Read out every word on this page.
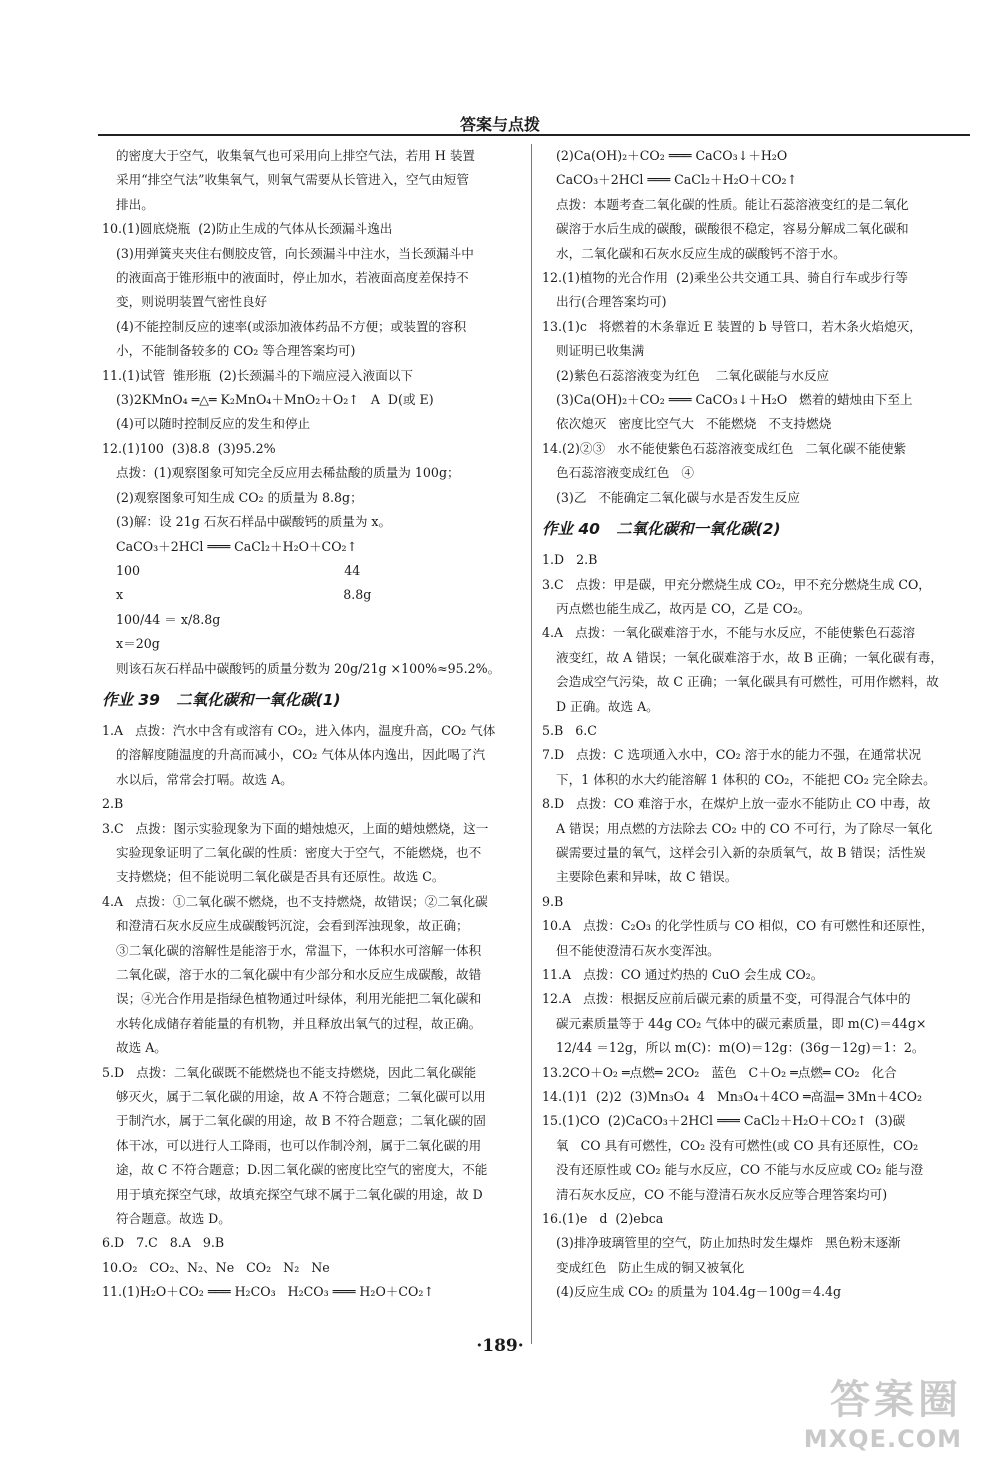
答案与点拨

的密度大于空气，收集氧气也可采用向上排空气法，若用 H 装置

采用“排空气法”收集氧气，则氧气需要从长管进入，空气由短管

排出。

10.(1)圆底烧瓶  (2)防止生成的气体从长颈漏斗逸出

(3)用弹簧夹夹住右侧胶皮管，向长颈漏斗中注水，当长颈漏斗中

的液面高于锥形瓶中的液面时，停止加水，若液面高度差保持不

变，则说明装置气密性良好

(4)不能控制反应的速率(或添加液体药品不方便；或装置的容积

小，不能制备较多的 CO₂ 等合理答案均可)

11.(1)试管  锥形瓶  (2)长颈漏斗的下端应浸入液面以下

(3)2KMnO₄ ═△═ K₂MnO₄＋MnO₂＋O₂↑   A  D(或 E)

(4)可以随时控制反应的发生和停止

12.(1)100  (3)8.8  (3)95.2%

点拨：(1)观察图象可知完全反应用去稀盐酸的质量为 100g；

(2)观察图象可知生成 CO₂ 的质量为 8.8g；

(3)解：设 21g 石灰石样品中碳酸钙的质量为 x。

CaCO₃＋2HCl ═══ CaCl₂＋H₂O＋CO₂↑

100                                                   44

x                                                       8.8g

100/44 ＝ x/8.8g

x＝20g

则该石灰石样品中碳酸钙的质量分数为 20g/21g ×100%≈95.2%。

作业 39   二氧化碳和一氧化碳(1)

1.A   点拨：汽水中含有或溶有 CO₂，进入体内，温度升高，CO₂ 气体

的溶解度随温度的升高而减小，CO₂ 气体从体内逸出，因此喝了汽

水以后，常常会打嗝。故选 A。

2.B

3.C   点拨：图示实验现象为下面的蜡烛熄灭，上面的蜡烛燃烧，这一

实验现象证明了二氧化碳的性质：密度大于空气，不能燃烧，也不

支持燃烧；但不能说明二氧化碳是否具有还原性。故选 C。

4.A   点拨：①二氧化碳不燃烧，也不支持燃烧，故错误；②二氧化碳

和澄清石灰水反应生成碳酸钙沉淀，会看到浑浊现象，故正确；

③二氧化碳的溶解性是能溶于水，常温下，一体积水可溶解一体积

二氧化碳，溶于水的二氧化碳中有少部分和水反应生成碳酸，故错

误；④光合作用是指绿色植物通过叶绿体，利用光能把二氧化碳和

水转化成储存着能量的有机物，并且释放出氧气的过程，故正确。

故选 A。

5.D   点拨：二氧化碳既不能燃烧也不能支持燃烧，因此二氧化碳能

够灭火，属于二氧化碳的用途，故 A 不符合题意；二氧化碳可以用

于制汽水，属于二氧化碳的用途，故 B 不符合题意；二氧化碳的固

体干冰，可以进行人工降雨，也可以作制冷剂，属于二氧化碳的用

途，故 C 不符合题意；D.因二氧化碳的密度比空气的密度大，不能

用于填充探空气球，故填充探空气球不属于二氧化碳的用途，故 D

符合题意。故选 D。

6.D   7.C   8.A   9.B

10.O₂   CO₂、N₂、Ne   CO₂   N₂   Ne

11.(1)H₂O＋CO₂ ═══ H₂CO₃   H₂CO₃ ═══ H₂O＋CO₂↑

(2)Ca(OH)₂＋CO₂ ═══ CaCO₃↓＋H₂O

CaCO₃＋2HCl ═══ CaCl₂＋H₂O＋CO₂↑

点拨：本题考查二氧化碳的性质。能让石蕊溶液变红的是二氧化

碳溶于水后生成的碳酸，碳酸很不稳定，容易分解成二氧化碳和

水，二氧化碳和石灰水反应生成的碳酸钙不溶于水。

12.(1)植物的光合作用  (2)乘坐公共交通工具、骑自行车或步行等

出行(合理答案均可)

13.(1)c   将燃着的木条靠近 E 装置的 b 导管口，若木条火焰熄灭，

则证明已收集满

(2)紫色石蕊溶液变为红色    二氧化碳能与水反应

(3)Ca(OH)₂＋CO₂ ═══ CaCO₃↓＋H₂O   燃着的蜡烛由下至上

依次熄灭   密度比空气大   不能燃烧   不支持燃烧

14.(2)②③   水不能使紫色石蕊溶液变成红色   二氧化碳不能使紫

色石蕊溶液变成红色   ④

(3)乙   不能确定二氧化碳与水是否发生反应

作业 40   二氧化碳和一氧化碳(2)

1.D   2.B

3.C   点拨：甲是碳，甲充分燃烧生成 CO₂，甲不充分燃烧生成 CO，

丙点燃也能生成乙，故丙是 CO，乙是 CO₂。

4.A   点拨：一氧化碳难溶于水，不能与水反应，不能使紫色石蕊溶

液变红，故 A 错误；一氧化碳难溶于水，故 B 正确；一氧化碳有毒，

会造成空气污染，故 C 正确；一氧化碳具有可燃性，可用作燃料，故

D 正确。故选 A。

5.B   6.C

7.D   点拨：C 选项通入水中，CO₂ 溶于水的能力不强，在通常状况

下，1 体积的水大约能溶解 1 体积的 CO₂，不能把 CO₂ 完全除去。

8.D   点拨：CO 难溶于水，在煤炉上放一壶水不能防止 CO 中毒，故

A 错误；用点燃的方法除去 CO₂ 中的 CO 不可行，为了除尽一氧化

碳需要过量的氧气，这样会引入新的杂质氧气，故 B 错误；活性炭

主要除色素和异味，故 C 错误。

9.B

10.A   点拨：C₂O₃ 的化学性质与 CO 相似，CO 有可燃性和还原性，

但不能使澄清石灰水变浑浊。

11.A   点拨：CO 通过灼热的 CuO 会生成 CO₂。

12.A   点拨：根据反应前后碳元素的质量不变，可得混合气体中的

碳元素质量等于 44g CO₂ 气体中的碳元素质量，即 m(C)＝44g×

12/44 ＝12g，所以 m(C)：m(O)＝12g：(36g－12g)＝1：2。

13.2CO＋O₂ ═点燃═ 2CO₂   蓝色   C＋O₂ ═点燃═ CO₂   化合

14.(1)1  (2)2  (3)Mn₃O₄  4   Mn₃O₄＋4CO ═高温═ 3Mn＋4CO₂

15.(1)CO  (2)CaCO₃＋2HCl ═══ CaCl₂＋H₂O＋CO₂↑  (3)碳

氧   CO 具有可燃性，CO₂ 没有可燃性(或 CO 具有还原性，CO₂

没有还原性或 CO₂ 能与水反应，CO 不能与水反应或 CO₂ 能与澄

清石灰水反应，CO 不能与澄清石灰水反应等合理答案均可)

16.(1)e   d  (2)ebca

(3)排净玻璃管里的空气，防止加热时发生爆炸   黑色粉末逐渐

变成红色   防止生成的铜又被氧化

(4)反应生成 CO₂ 的质量为 104.4g－100g＝4.4g

·189·
答案圈
MXQE.COM
